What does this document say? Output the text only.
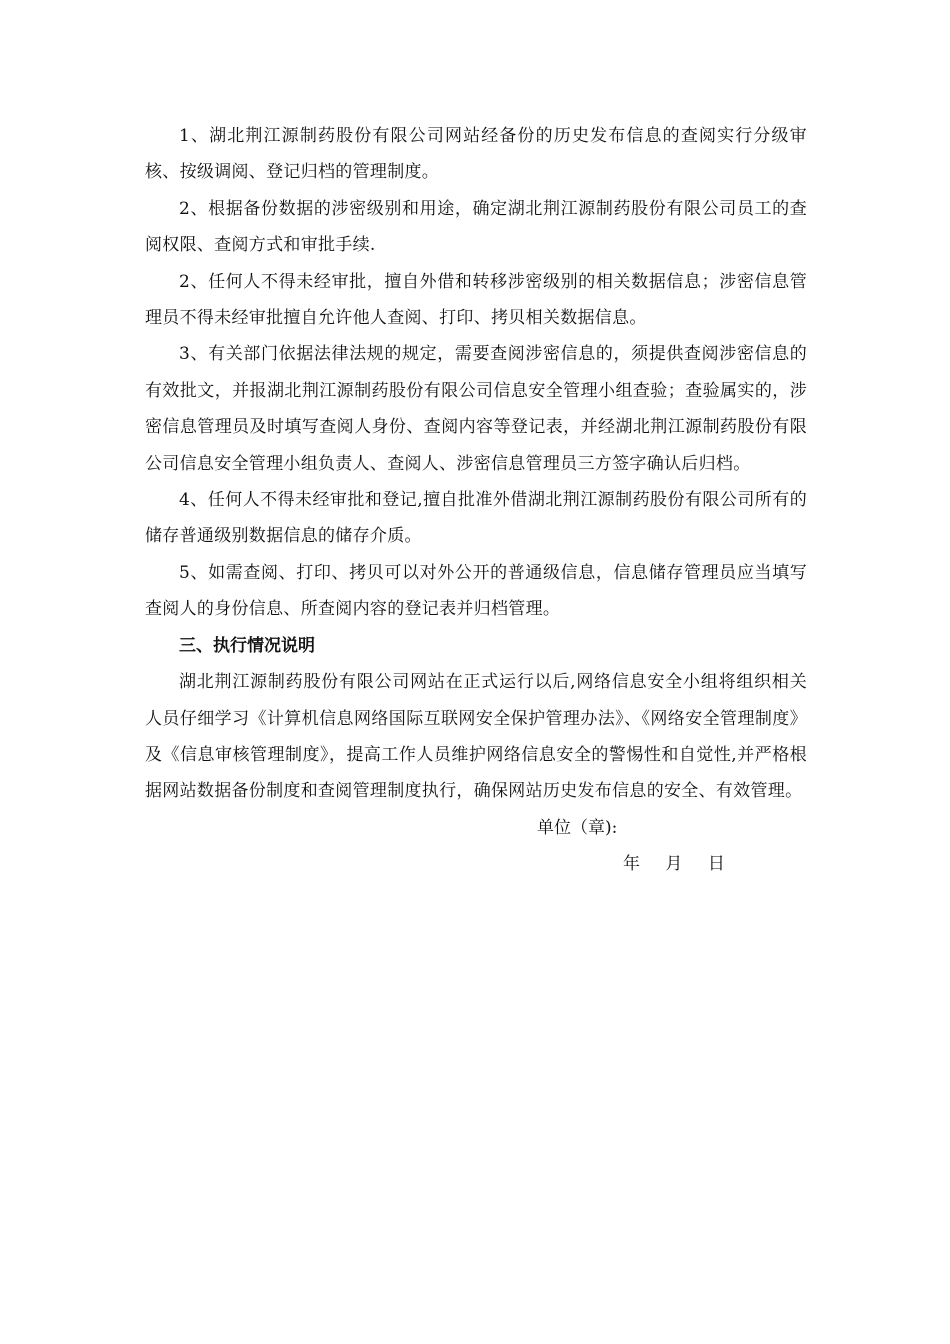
1、湖北荆江源制药股份有限公司网站经备份的历史发布信息的查阅实行分级审核、按级调阅、登记归档的管理制度。

2、根据备份数据的涉密级别和用途，确定湖北荆江源制药股份有限公司员工的查阅权限、查阅方式和审批手续.

2、任何人不得未经审批，擅自外借和转移涉密级别的相关数据信息；涉密信息管理员不得未经审批擅自允许他人查阅、打印、拷贝相关数据信息。

3、有关部门依据法律法规的规定，需要查阅涉密信息的，须提供查阅涉密信息的有效批文，并报湖北荆江源制药股份有限公司信息安全管理小组查验；查验属实的，涉密信息管理员及时填写查阅人身份、查阅内容等登记表，并经湖北荆江源制药股份有限公司信息安全管理小组负责人、查阅人、涉密信息管理员三方签字确认后归档。

4、任何人不得未经审批和登记,擅自批准外借湖北荆江源制药股份有限公司所有的储存普通级别数据信息的储存介质。

5、如需查阅、打印、拷贝可以对外公开的普通级信息，信息储存管理员应当填写查阅人的身份信息、所查阅内容的登记表并归档管理。

三、执行情况说明

湖北荆江源制药股份有限公司网站在正式运行以后,网络信息安全小组将组织相关人员仔细学习《计算机信息网络国际互联网安全保护管理办法》、《网络安全管理制度》及《信息审核管理制度》，提高工作人员维护网络信息安全的警惕性和自觉性,并严格根据网站数据备份制度和查阅管理制度执行，确保网站历史发布信息的安全、有效管理。

单位（章):

年 月 日
